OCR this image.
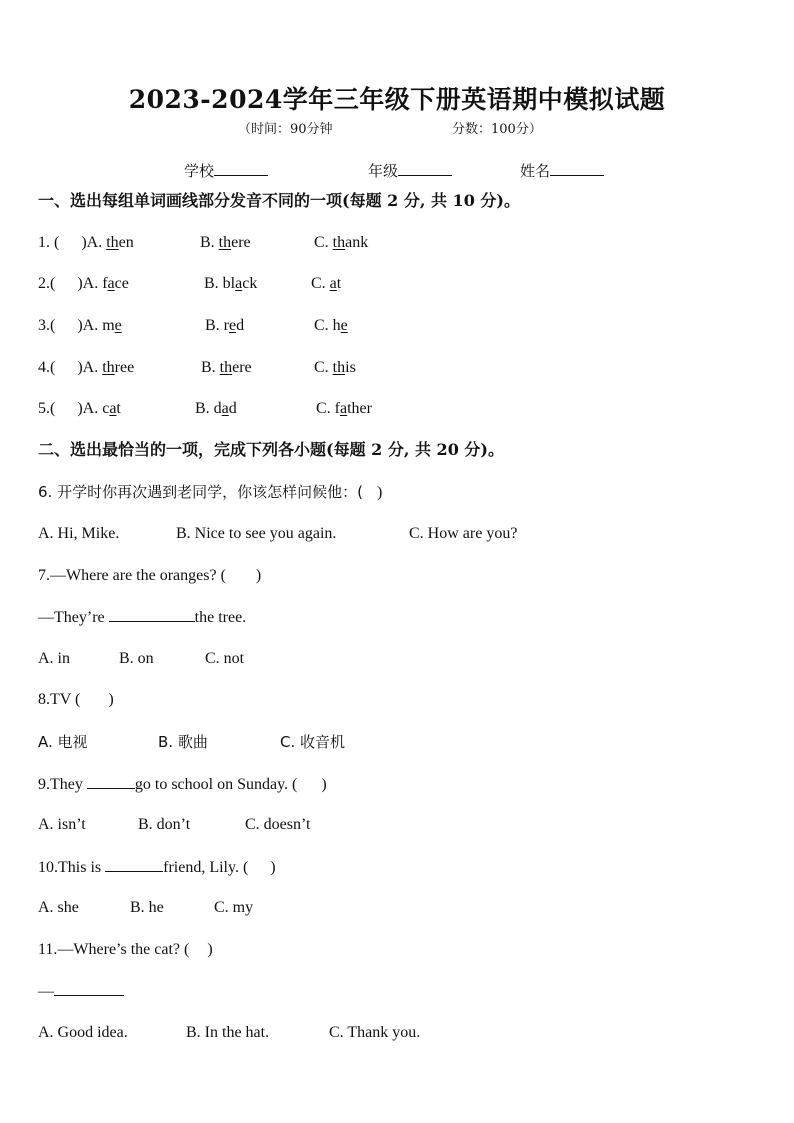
2023-2024学年三年级下册英语期中模拟试题
（时间：90分钟	分数：100分）
学校	年级	姓名
一、选出每组单词画线部分发音不同的一项(每题 2 分, 共 10 分)。
1. ( )A. then	B. there	C. thank
2.( )A. face	B. black	C. at
3.( )A. me	B. red	C. he
4.( )A. three	B. there	C. this
5.( )A. cat	B. dad	C. father
二、选出最恰当的一项，完成下列各小题(每题 2 分, 共 20 分)。
6. 开学时你再次遇到老同学，你该怎样问候他：( )
A. Hi, Mike.	B. Nice to see you again.	C. How are you?
7.—Where are the oranges? ( )
—They’re	the tree.
A. in	B. on	C. not
8.TV ( )
A. 电视	B. 歌曲	C. 收音机
9.They	go to school on Sunday. ( )
A. isn’t	B. don’t	C. doesn’t
10.This is	friend, Lily. ( )
A. she	B. he	C. my
11.—Where’s the cat? ( )
—
A. Good idea.	B. In the hat.	C. Thank you.
